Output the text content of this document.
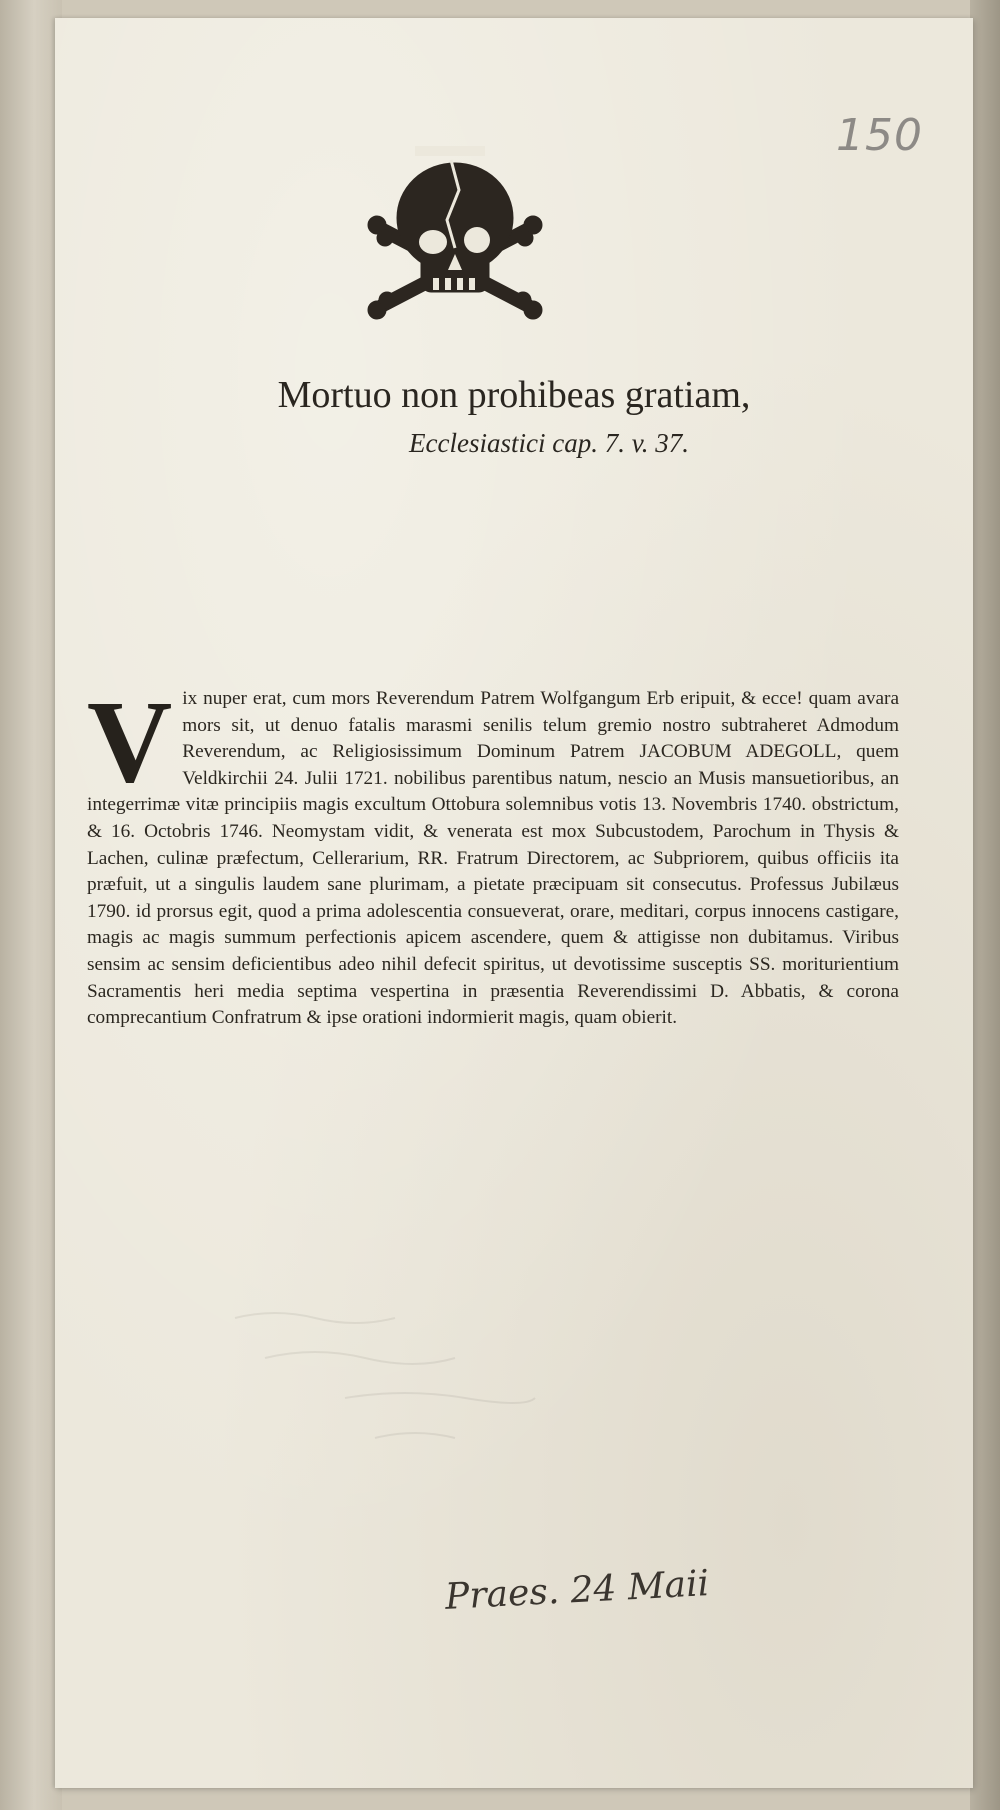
150
Mortuo non prohibeas gratiam,
Ecclesiastici cap. 7. v. 37.
V ix nuper erat, cum mors Reverendum Patrem Wolfgangum Erb eripuit, & ecce! quam avara mors sit, ut denuo fatalis marasmi senilis telum gremio nostro subtraheret Admodum Reverendum, ac Religiosissimum Dominum Patrem JACOBUM ADEGOLL, quem Veldkirchii 24. Julii 1721. nobilibus parentibus natum, nescio an Musis mansuetioribus, an integerrimæ vitæ principiis magis excultum Ottobura solemnibus votis 13. Novembris 1740. obstrictum, & 16. Octobris 1746. Neomystam vidit, & venerata est mox Subcustodem, Parochum in Thysis & Lachen, culinæ præfectum, Cellerarium, RR. Fratrum Directorem, ac Subpriorem, quibus officiis ita præfuit, ut a singulis laudem sane plurimam, a pietate præcipuam sit consecutus. Professus Jubilæus 1790. id prorsus egit, quod a prima adolescentia consueverat, orare, meditari, corpus innocens castigare, magis ac magis summum perfectionis apicem ascendere, quem & attigisse non dubitamus. Viribus sensim ac sensim deficientibus adeo nihil defecit spiritus, ut devotissime susceptis SS. moriturientium Sacramentis heri media septima vespertina in præsentia Reverendissimi D. Abbatis, & corona comprecantium Confratrum & ipse orationi indormierit magis, quam obierit.

Praes. 24 Maii
